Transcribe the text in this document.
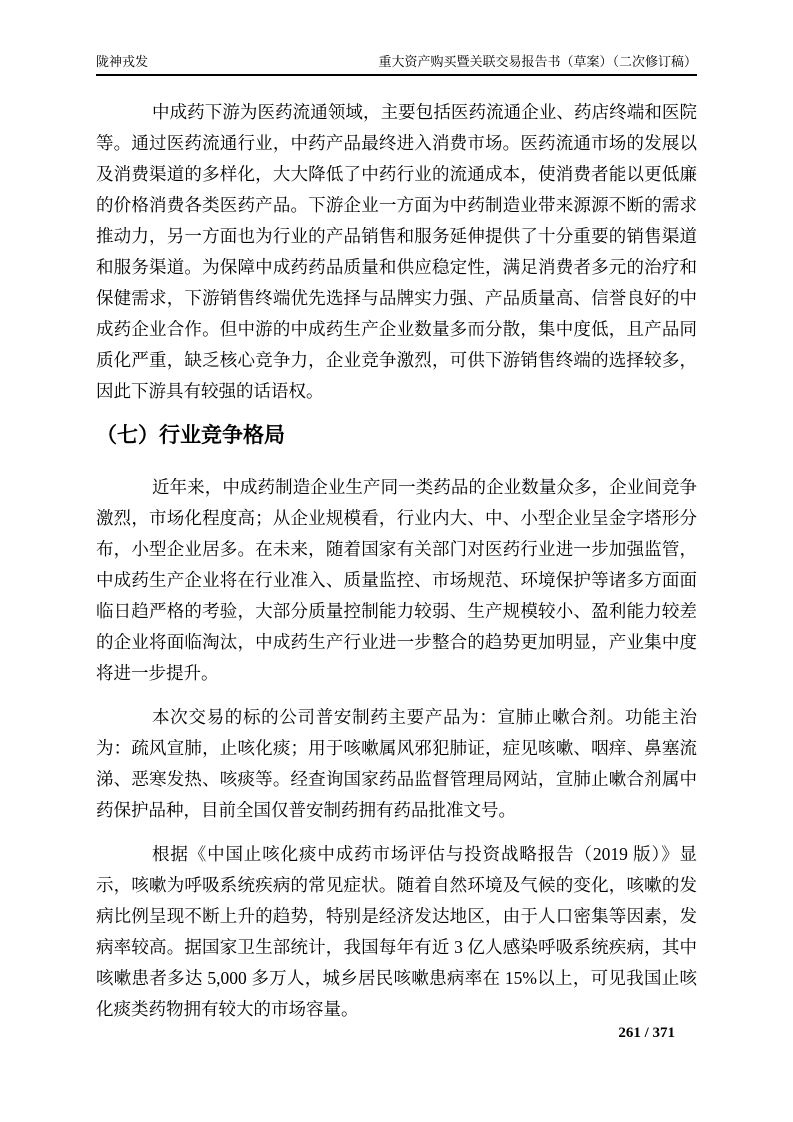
陇神戎发	重大资产购买暨关联交易报告书（草案）（二次修订稿）

中成药下游为医药流通领域，主要包括医药流通企业、药店终端和医院等。通过医药流通行业，中药产品最终进入消费市场。医药流通市场的发展以及消费渠道的多样化，大大降低了中药行业的流通成本，使消费者能以更低廉的价格消费各类医药产品。下游企业一方面为中药制造业带来源源不断的需求推动力，另一方面也为行业的产品销售和服务延伸提供了十分重要的销售渠道和服务渠道。为保障中成药药品质量和供应稳定性，满足消费者多元的治疗和保健需求，下游销售终端优先选择与品牌实力强、产品质量高、信誉良好的中成药企业合作。但中游的中成药生产企业数量多而分散，集中度低，且产品同质化严重，缺乏核心竞争力，企业竞争激烈，可供下游销售终端的选择较多，因此下游具有较强的话语权。

（七）行业竞争格局

近年来，中成药制造企业生产同一类药品的企业数量众多，企业间竞争激烈，市场化程度高；从企业规模看，行业内大、中、小型企业呈金字塔形分布，小型企业居多。在未来，随着国家有关部门对医药行业进一步加强监管，中成药生产企业将在行业准入、质量监控、市场规范、环境保护等诸多方面面临日趋严格的考验，大部分质量控制能力较弱、生产规模较小、盈利能力较差的企业将面临淘汰，中成药生产行业进一步整合的趋势更加明显，产业集中度将进一步提升。

本次交易的标的公司普安制药主要产品为：宣肺止嗽合剂。功能主治为：疏风宣肺，止咳化痰；用于咳嗽属风邪犯肺证，症见咳嗽、咽痒、鼻塞流涕、恶寒发热、咳痰等。经查询国家药品监督管理局网站，宣肺止嗽合剂属中药保护品种，目前全国仅普安制药拥有药品批准文号。

根据《中国止咳化痰中成药市场评估与投资战略报告（2019 版）》显示，咳嗽为呼吸系统疾病的常见症状。随着自然环境及气候的变化，咳嗽的发病比例呈现不断上升的趋势，特别是经济发达地区，由于人口密集等因素，发病率较高。据国家卫生部统计，我国每年有近 3 亿人感染呼吸系统疾病，其中咳嗽患者多达 5,000 多万人，城乡居民咳嗽患病率在 15%以上，可见我国止咳化痰类药物拥有较大的市场容量。

261 / 371
